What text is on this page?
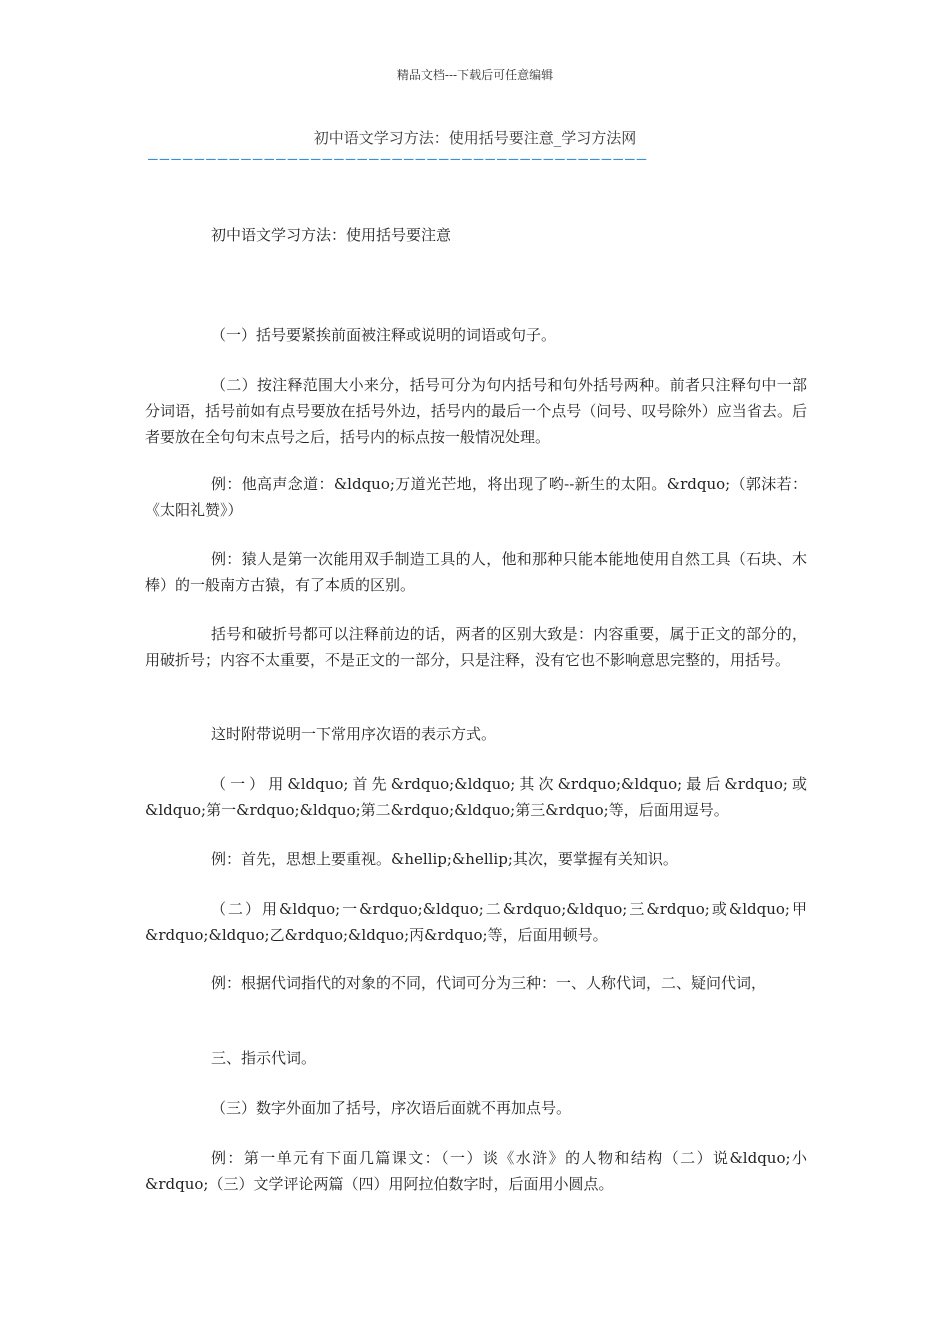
精品文档---下载后可任意编辑
初中语文学习方法：使用括号要注意_学习方法网
———————————————————————————————————————————

初中语文学习方法：使用括号要注意

（一）括号要紧挨前面被注释或说明的词语或句子。

（二）按注释范围大小来分，括号可分为句内括号和句外括号两种。前者只注释句中一部分词语，括号前如有点号要放在括号外边，括号内的最后一个点号（问号、叹号除外）应当省去。后者要放在全句句末点号之后，括号内的标点按一般情况处理。

例：他高声念道：&ldquo;万道光芒地，将出现了哟--新生的太阳。&rdquo;（郭沫若：《太阳礼赞》）

例：猿人是第一次能用双手制造工具的人，他和那种只能本能地使用自然工具（石块、木棒）的一般南方古猿，有了本质的区别。

括号和破折号都可以注释前边的话，两者的区别大致是：内容重要，属于正文的部分的，用破折号；内容不太重要，不是正文的一部分，只是注释，没有它也不影响意思完整的，用括号。

这时附带说明一下常用序次语的表示方式。

（一）用&ldquo;首先&rdquo;&ldquo;其次&rdquo;&ldquo;最后&rdquo;或&ldquo;第一&rdquo;&ldquo;第二&rdquo;&ldquo;第三&rdquo;等，后面用逗号。

例：首先，思想上要重视。&hellip;&hellip;其次，要掌握有关知识。

（二）用&ldquo;一&rdquo;&ldquo;二&rdquo;&ldquo;三&rdquo;或&ldquo;甲&rdquo;&ldquo;乙&rdquo;&ldquo;丙&rdquo;等，后面用顿号。

例：根据代词指代的对象的不同，代词可分为三种：一、人称代词，二、疑问代词，

三、指示代词。

（三）数字外面加了括号，序次语后面就不再加点号。

例：第一单元有下面几篇课文：（一）谈《水浒》的人物和结构（二）说&ldquo;小&rdquo;（三）文学评论两篇（四）用阿拉伯数字时，后面用小圆点。
